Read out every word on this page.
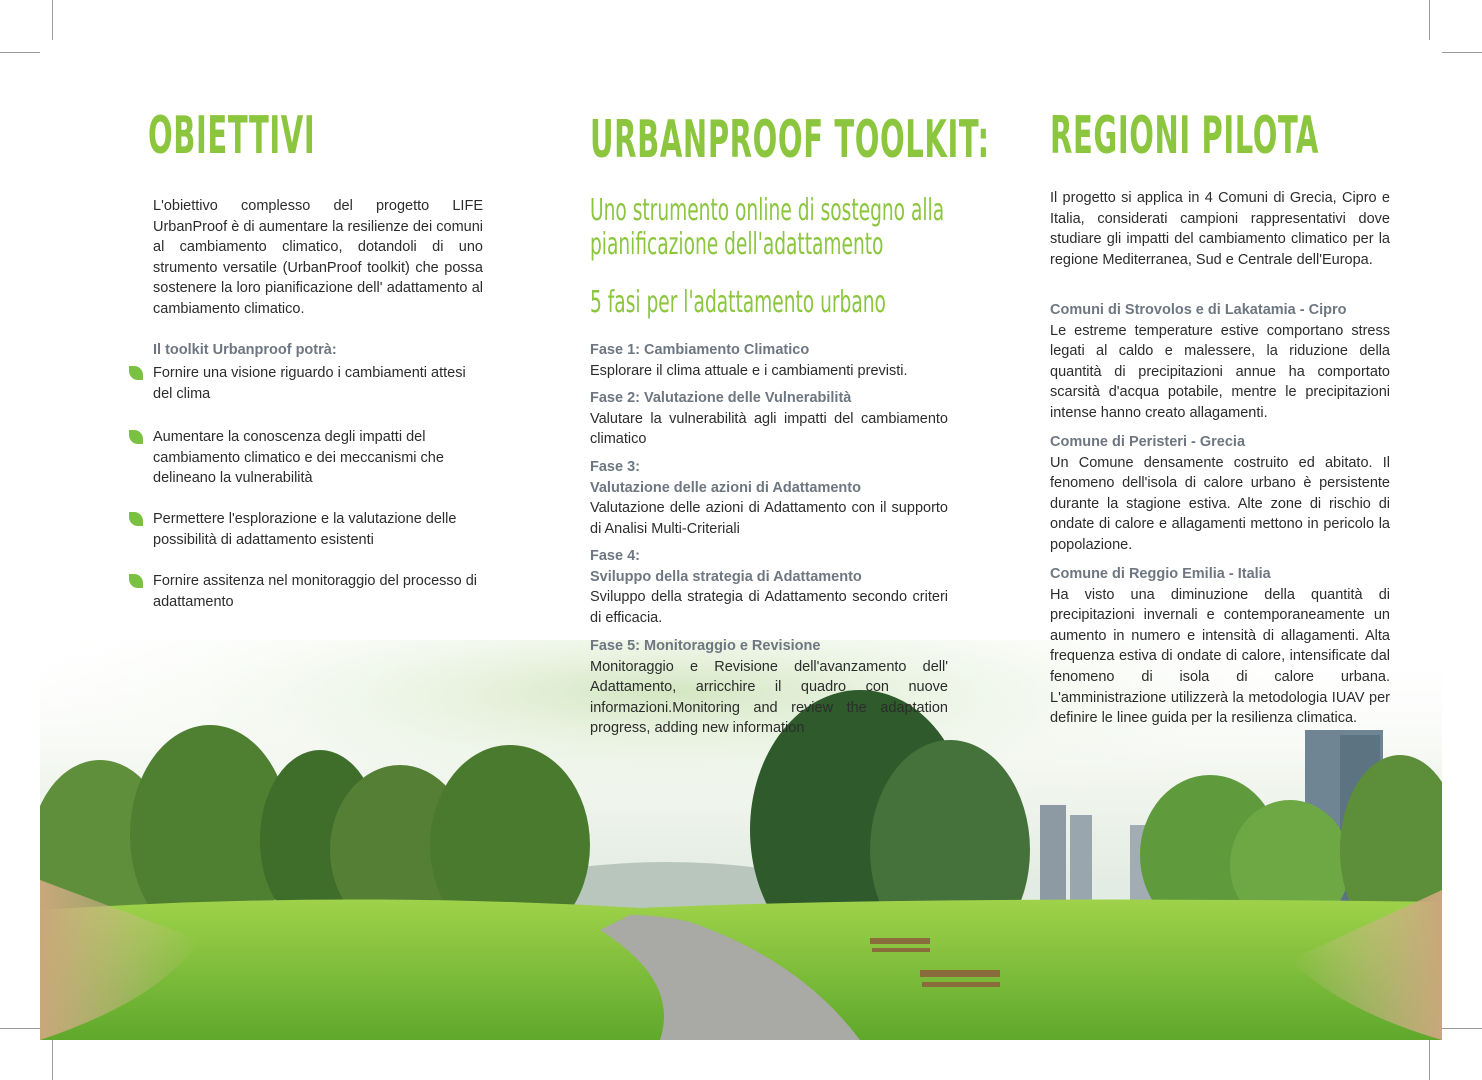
OBIETTIVI

L'obiettivo complesso del progetto LIFE UrbanProof è di aumentare la resilienze dei comuni al cambiamento climatico, dotandoli di uno strumento versatile (UrbanProof toolkit) che possa sostenere la loro pianificazione dell' adattamento al cambiamento climatico.

Il toolkit Urbanproof potrà:

Fornire una visione riguardo i cambiamenti attesi del clima
Aumentare la conoscenza degli impatti del cambiamento climatico e dei meccanismi che delineano la vulnerabilità
Permettere l'esplorazione e la valutazione delle possibilità di adattamento esistenti
Fornire assitenza nel monitoraggio del processo di adattamento
URBANPROOF TOOLKIT:

Uno strumento online di sostegno alla

pianificazione dell'adattamento

5 fasi per l'adattamento urbano

Fase 1: Cambiamento Climatico

Esplorare il clima attuale e i cambiamenti previsti.

Fase 2: Valutazione delle Vulnerabilità

Valutare la vulnerabilità agli impatti del cambiamento climatico

Fase 3:

Valutazione delle azioni di Adattamento

Valutazione delle azioni di Adattamento con il supporto di Analisi Multi-Criteriali

Fase 4:

Sviluppo della strategia di Adattamento

Sviluppo della strategia di Adattamento secondo criteri di efficacia.

Fase 5: Monitoraggio e Revisione

Monitoraggio e Revisione dell'avanzamento dell' Adattamento, arricchire il quadro con nuove informazioni.Monitoring and review the adaptation progress, adding new information

REGIONI PILOTA

Il progetto si applica in 4 Comuni di Grecia, Cipro e Italia, considerati campioni rappresentativi dove studiare gli impatti del cambiamento climatico per la regione Mediterranea, Sud e Centrale dell'Europa.

Comuni di Strovolos e di Lakatamia - Cipro

Le estreme temperature estive comportano stress legati al caldo e malessere, la riduzione della quantità di precipitazioni annue ha comportato scarsità d'acqua potabile, mentre le precipitazioni intense hanno creato allagamenti.

Comune di Peristeri - Grecia

Un Comune densamente costruito ed abitato. Il fenomeno dell'isola di calore urbano è persistente durante la stagione estiva. Alte zone di rischio di ondate di calore e allagamenti mettono in pericolo la popolazione.

Comune di Reggio Emilia - Italia

Ha visto una diminuzione della quantità di precipitazioni invernali e contemporaneamente un aumento in numero e intensità di allagamenti. Alta frequenza estiva di ondate di calore, intensificate dal fenomeno di isola di calore urbana. L'amministrazione utilizzerà la metodologia IUAV per definire le linee guida per la resilienza climatica.
